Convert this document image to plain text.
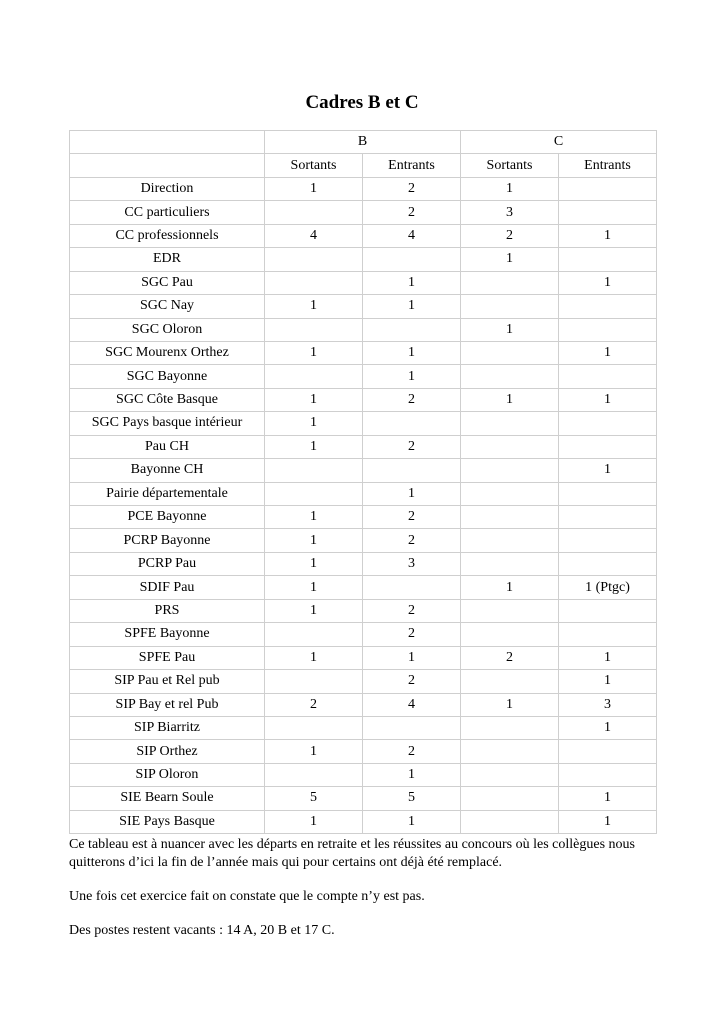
Cadres B et C
	B		C	
	Sortants	Entrants	Sortants	Entrants
Direction	1	2	1	
CC particuliers		2	3	
CC professionnels	4	4	2	1
EDR			1	
SGC Pau		1		1
SGC Nay	1	1		
SGC Oloron			1	
SGC Mourenx Orthez	1	1		1
SGC Bayonne		1		
SGC Côte Basque	1	2	1	1
SGC Pays basque intérieur	1			
Pau CH	1	2		
Bayonne CH				1
Pairie départementale		1		
PCE Bayonne	1	2		
PCRP Bayonne	1	2		
PCRP Pau	1	3		
SDIF Pau	1		1	1 (Ptgc)
PRS	1	2		
SPFE Bayonne		2		
SPFE Pau	1	1	2	1
SIP Pau et Rel pub		2		1
SIP Bay et rel Pub	2	4	1	3
SIP Biarritz				1
SIP Orthez	1	2		
SIP Oloron		1		
SIE Bearn Soule	5	5		1
SIE Pays Basque	1	1		1

Ce tableau est à nuancer avec les départs en retraite et les réussites au concours où les collègues nous quitterons d’ici la fin de l’année mais qui pour certains ont déjà été remplacé.

Une fois cet exercice fait on constate que le compte n’y est pas.

Des postes restent vacants : 14 A, 20 B et 17 C.
